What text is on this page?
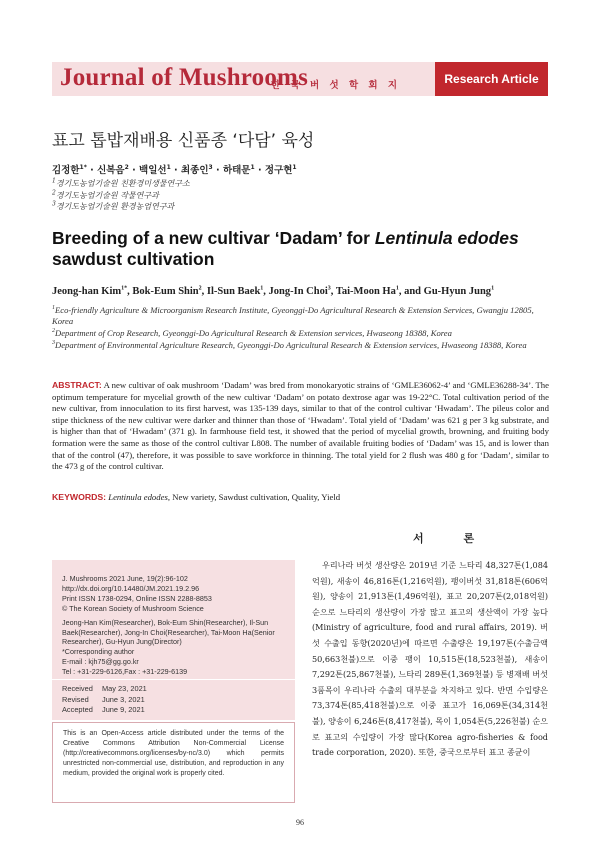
Journal of Mushrooms
한 국 버 섯 학 회 지	Research Article
표고 톱밥재배용 신품종 ‘다담’ 육성
김정한$^{1*}$ · 신복음$^2$ · 백일선$^1$ · 최종인$^3$ · 하태문$^1$ · 정구현$^1$
$^1$경기도농업기술원 친환경미생물연구소
$^2$경기도농업기술원 작물연구과
$^3$경기도농업기술원 환경농업연구과
Breeding of a new cultivar ‘Dadam’ for Lentinula edodes
sawdust cultivation
Jeong-han Kim$^{1*}$, Bok-Eum Shin$^2$, Il-Sun Baek$^1$, Jong-In Choi$^3$, Tai-Moon Ha$^1$, and Gu-Hyun Jung$^1$

$^1$Eco-friendly Agriculture & Microorganism Research Institute, Gyeonggi-Do Agricultural Research & Extension Services, Gwangju 12805, Korea

$^2$Department of Crop Research, Gyeonggi-Do Agricultural Research & Extension services, Hwaseong 18388, Korea

$^3$Department of Environmental Agriculture Research, Gyeonggi-Do Agricultural Research & Extension services, Hwaseong 18388, Korea

ABSTRACT: A new cultivar of oak mushroom ‘Dadam’ was bred from monokaryotic strains of ‘GMLE36062-4’ and ‘GMLE36288-34’. The optimum temperature for mycelial growth of the new cultivar ‘Dadam’ on potato dextrose agar was 19-22°C. Total cultivation period of the new cultivar, from innoculation to its first harvest, was 135-139 days, similar to that of the control cultivar ‘Hwadam’. The pileus color and stipe thickness of the new cultivar were darker and thinner than those of ‘Hwadam’. Total yield of ‘Dadam’ was 621 g per 3 kg substrate, and is higher than that of ‘Hwadam’ (371 g). In farmhouse field test, it showed that the period of mycelial growth, browning, and fruiting body formation were the same as those of the control cultivar L808. The number of available fruiting bodies of ‘Dadam’ was 15, and is lower than that of the control (47), therefore, it was possible to save workforce in thinning. The total yield for 2 flush was 480 g for ‘Dadam’, similar to the 473 g of the control cultivar.
KEYWORDS: Lentinula edodes, New variety, Sawdust cultivation, Quality, Yield
J. Mushrooms 2021 June, 19(2):96-102
http://dx.doi.org/10.14480/JM.2021.19.2.96
Print ISSN 1738-0294, Online ISSN 2288-8853
© The Korean Society of Mushroom Science
Jeong-Han Kim(Researcher), Bok-Eum Shin(Researcher), Il-Sun
Baek(Researcher), Jong-In Choi(Researcher), Tai-Moon Ha(Senior
Researcher), Gu-Hyun Jung(Director)
*Corresponding author
E-mail : kjh75@gg.go.kr
Tel : +31-229-6126,Fax : +31-229-6139
Received May 23, 2021
Revised June 3, 2021
Accepted June 9, 2021
This is an Open-Access article distributed under the terms of the Creative Commons Attribution Non-Commercial License (http://creativecommons.org/licenses/by-nc/3.0) which permits unrestricted non-commercial use, distribution, and reproduction in any medium, provided the original work is properly cited.
서 론

우리나라 버섯 생산량은 2019년 기준 느타리 48,327톤(1,084억원), 새송이 46,816톤(1,216억원), 팽이버섯 31,818톤(606억원), 양송이 21,913톤(1,496억원), 표고 20,207톤(2,018억원) 순으로 느타리의 생산량이 가장 많고 표고의 생산액이 가장 높다(Ministry of agriculture, food and rural affairs, 2019). 버섯 수출입 동향(2020년)에 따르면 수출량은 19,197톤(수출금액 50,663천불)으로 이중 팽이 10,515톤(18,523천불), 새송이 7,292톤(25,867천불), 느타리 289톤(1,369천불) 등 병재배 버섯 3품목이 우리나라 수출의 대부분을 차지하고 있다. 반면 수입량은 73,374톤(85,418천불)으로 이중 표고가 16,069톤(34,314천불), 양송이 6,246톤(8,417천불), 목이 1,054톤(5,226천불) 순으로 표고의 수입량이 가장 많다(Korea agro-fisheries & food trade corporation, 2020). 또한, 중국으로부터 표고 종균이

96
